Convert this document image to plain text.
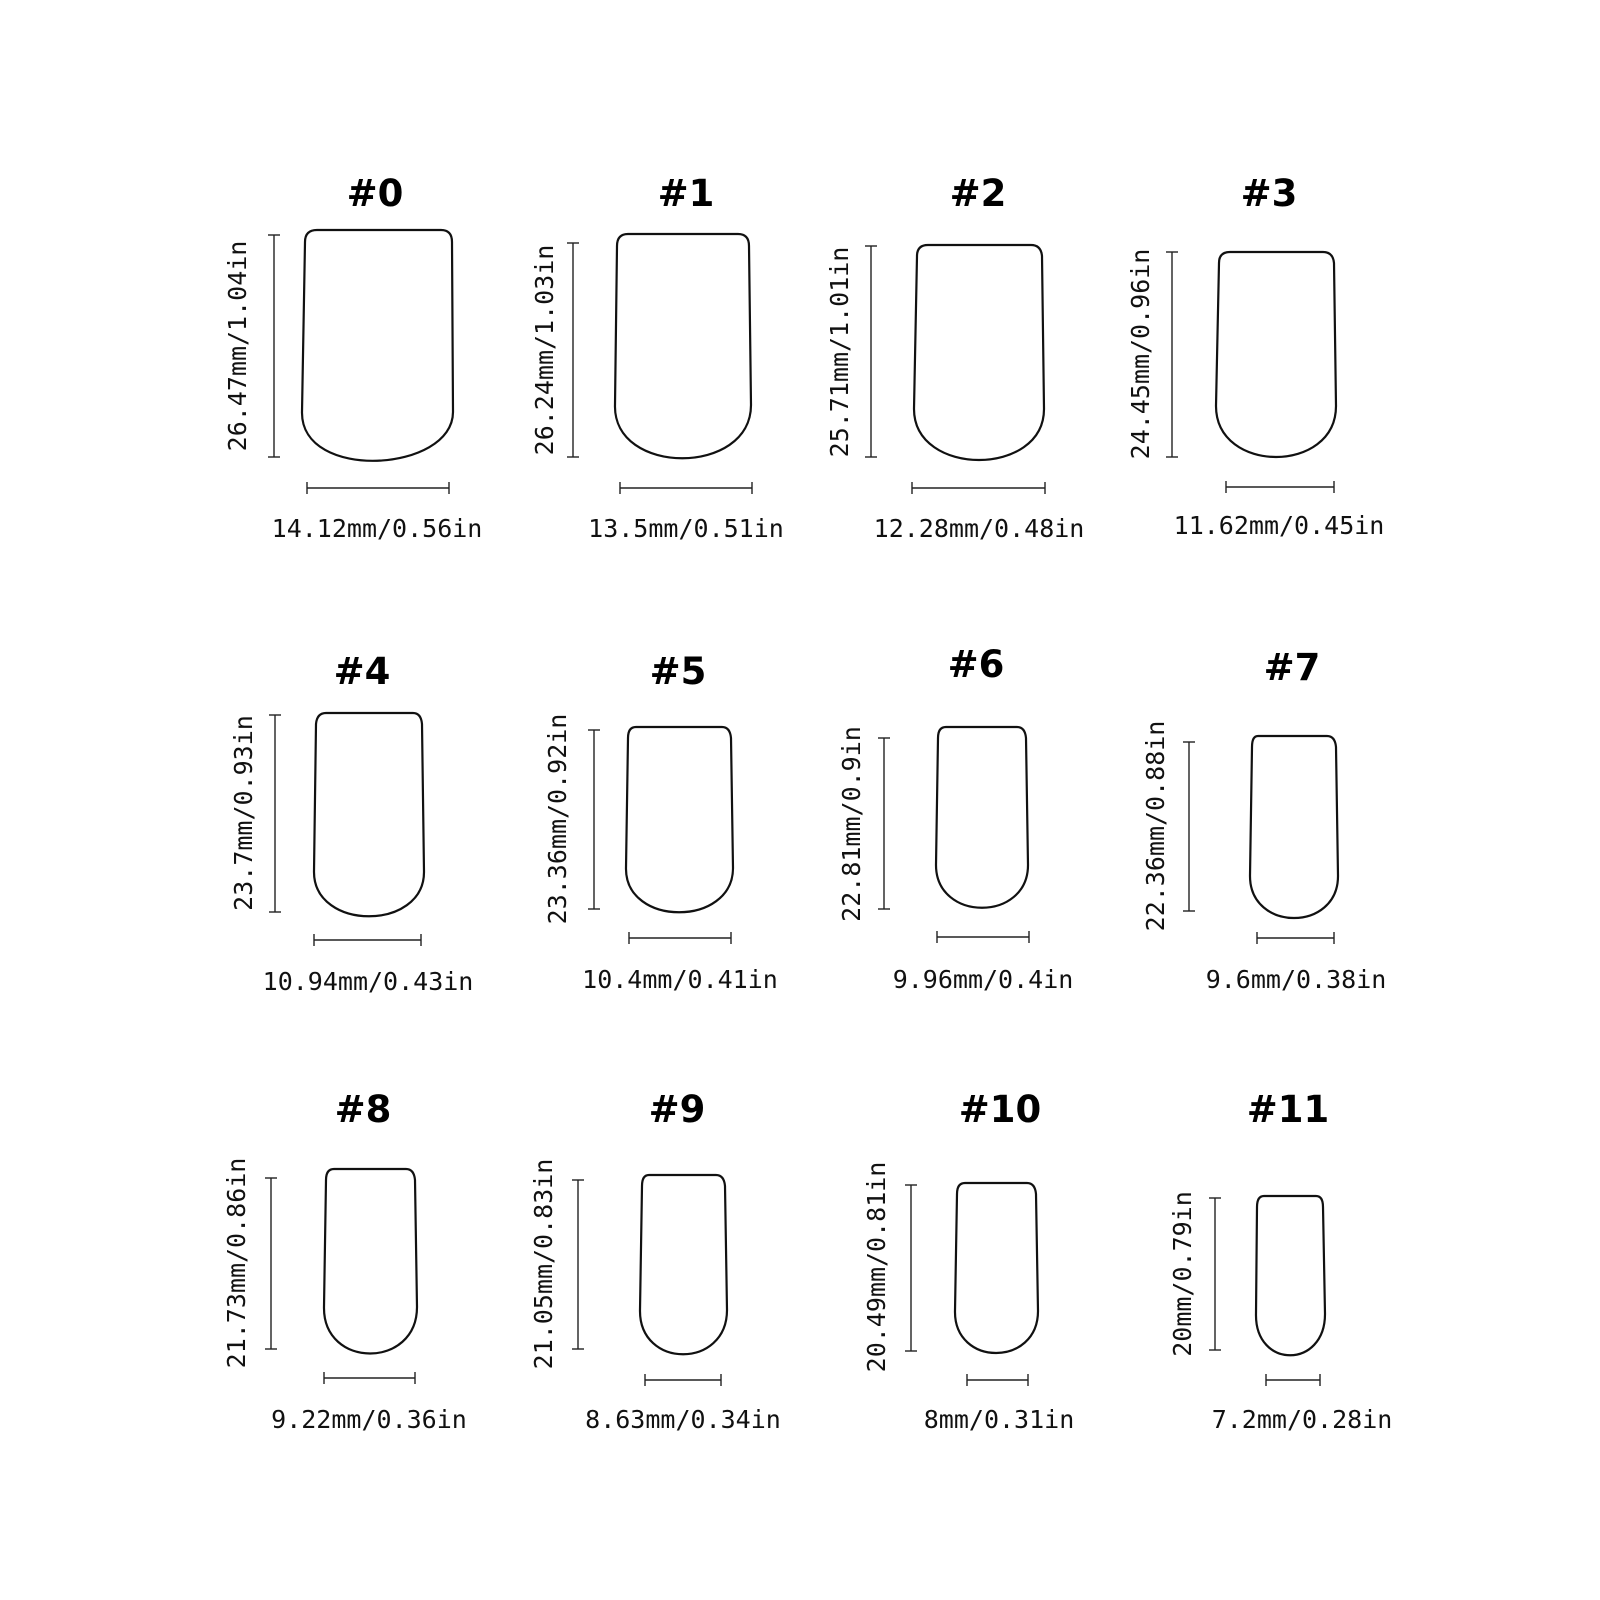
#0
26.47mm/1.04in
14.12mm/0.56in
#1
26.24mm/1.03in
13.5mm/0.51in
#2
25.71mm/1.01in
12.28mm/0.48in
#3
24.45mm/0.96in
11.62mm/0.45in
#4
23.7mm/0.93in
10.94mm/0.43in
#5
23.36mm/0.92in
10.4mm/0.41in
#6
22.81mm/0.9in
9.96mm/0.4in
#7
22.36mm/0.88in
9.6mm/0.38in
#8
21.73mm/0.86in
9.22mm/0.36in
#9
21.05mm/0.83in
8.63mm/0.34in
#10
20.49mm/0.81in
8mm/0.31in
#11
20mm/0.79in
7.2mm/0.28in
